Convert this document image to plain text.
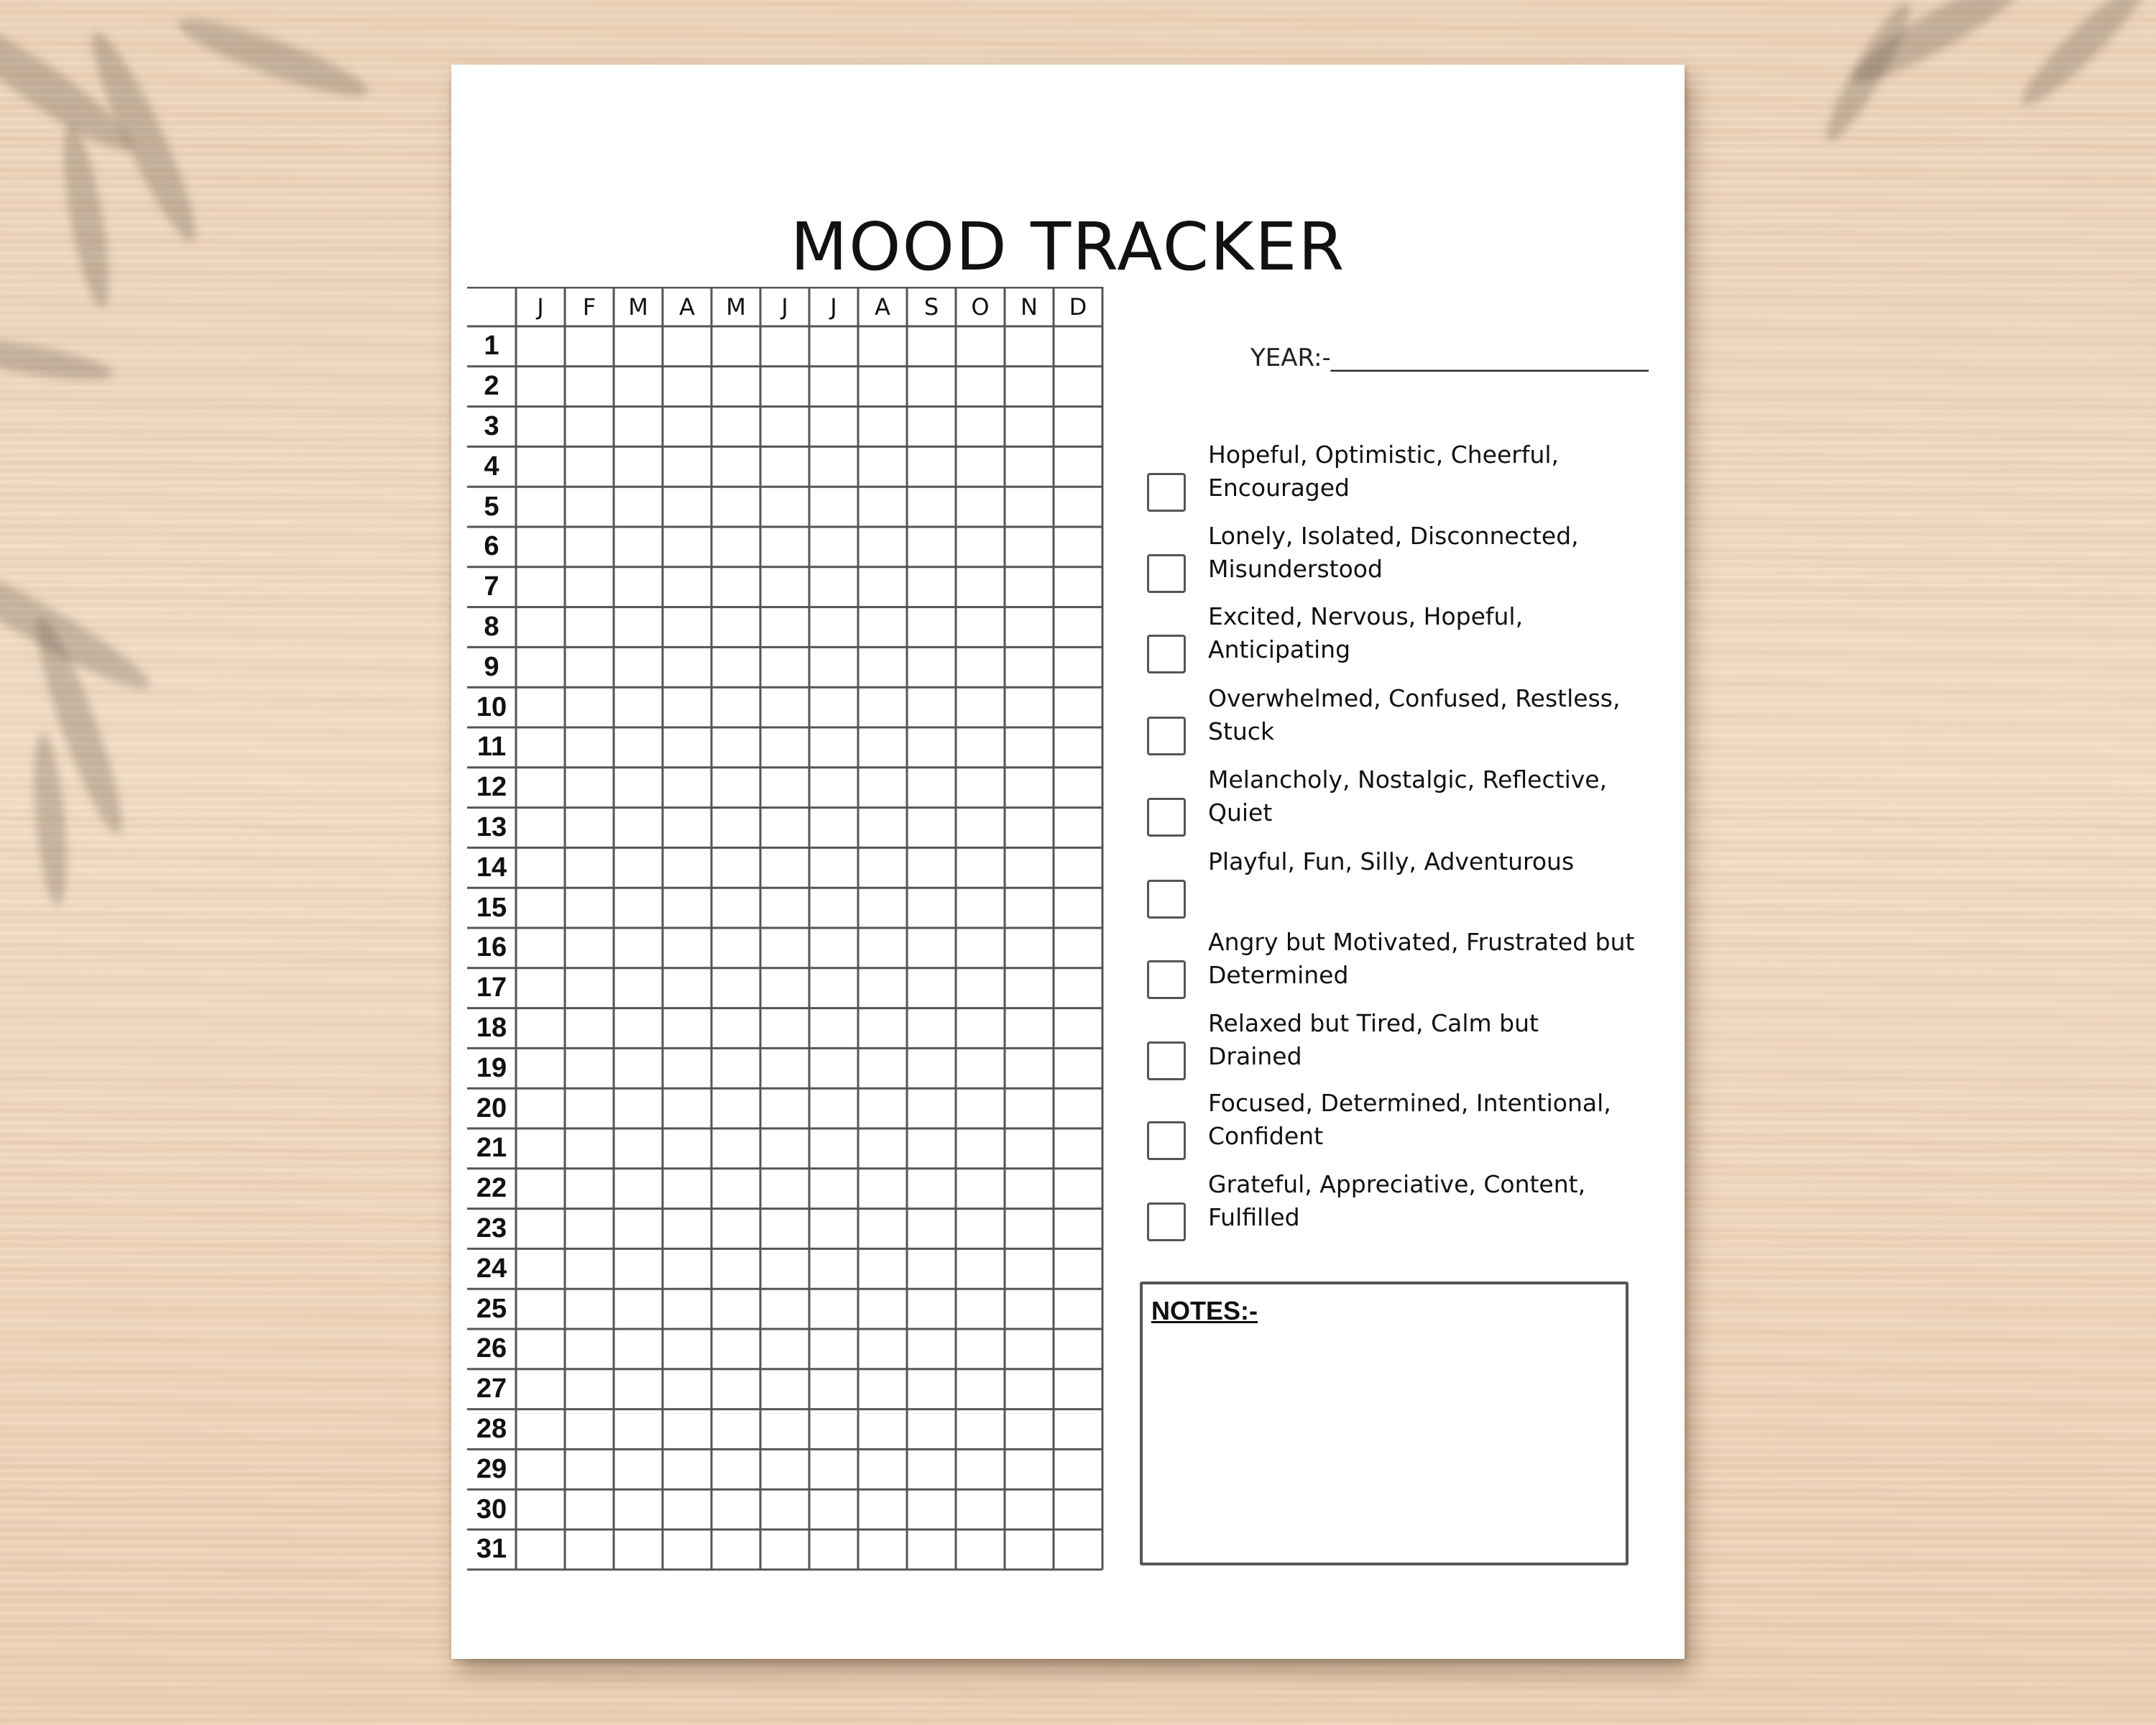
MOOD TRACKER
J	F	M	A	M	J	J	A	S	O	N	D
1
2
3
4
5
6
7
8
9
10
11
12
13
14
15
16
17
18
19
20
21
22
23
24
25
26
27
28
29
30
31
YEAR:-__________________________
Hopeful, Optimistic, Cheerful, Encouraged
Lonely, Isolated, Disconnected, Misunderstood
Excited, Nervous, Hopeful, Anticipating
Overwhelmed, Confused, Restless, Stuck
Melancholy, Nostalgic, Reflective, Quiet
Playful, Fun, Silly, Adventurous
Angry but Motivated, Frustrated but Determined
Relaxed but Tired, Calm but Drained
Focused, Determined, Intentional, Confident
Grateful, Appreciative, Content, Fulfilled
NOTES:-
